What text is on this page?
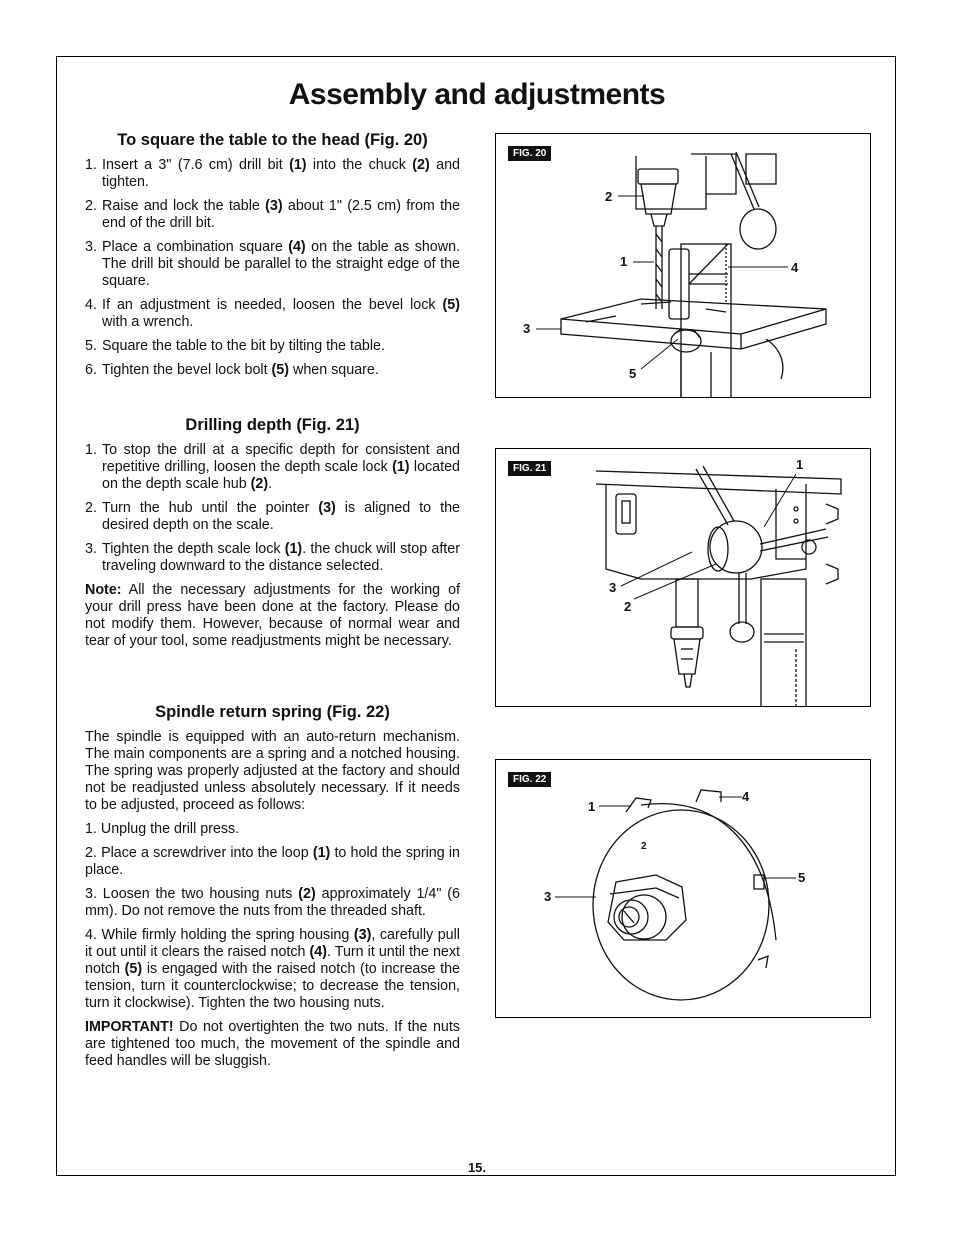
Assembly and adjustments
To square the table to the head (Fig. 20)
1. Insert a 3" (7.6 cm) drill bit (1) into the chuck (2) and tighten.
2. Raise and lock the table (3) about 1" (2.5 cm) from the end of the drill bit.
3. Place a combination square (4) on the table as shown. The drill bit should be parallel to the straight edge of the square.
4. If an adjustment is needed, loosen the bevel lock (5) with a wrench.
5. Square the table to the bit by tilting the table.
6. Tighten the bevel lock bolt (5) when square.
Drilling depth (Fig. 21)
1. To stop the drill at a specific depth for consistent and repetitive drilling, loosen the depth scale lock (1) located on the depth scale hub (2).
2. Turn the hub until the pointer (3) is aligned to the desired depth on the scale.
3. Tighten the depth scale lock (1). the chuck will stop after traveling downward to the distance selected.

Note: All the necessary adjustments for the working of your drill press have been done at the factory. Please do not modify them. However, because of normal wear and tear of your tool, some readjustments might be necessary.

Spindle return spring (Fig. 22)

The spindle is equipped with an auto-return mechanism. The main components are a spring and a notched housing. The spring was properly adjusted at the factory and should not be readjusted unless absolutely necessary. If it needs to be adjusted, proceed as follows:

1. Unplug the drill press.

2. Place a screwdriver into the loop (1) to hold the spring in place.

3. Loosen the two housing nuts (2) approximately 1/4" (6 mm). Do not remove the nuts from the threaded shaft.

4. While firmly holding the spring housing (3), carefully pull it out until it clears the raised notch (4). Turn it until the next notch (5) is engaged with the raised notch (to increase the tension, turn it counterclockwise; to decrease the tension, turn it clockwise). Tighten the two housing nuts.

IMPORTANT! Do not overtighten the two nuts. If the nuts are tightened too much, the movement of the spindle and feed handles will be sluggish.

2
1	4
3
5
FIG. 20
1
3
2
FIG. 21
1
2
3
4
5
FIG. 22
15.
